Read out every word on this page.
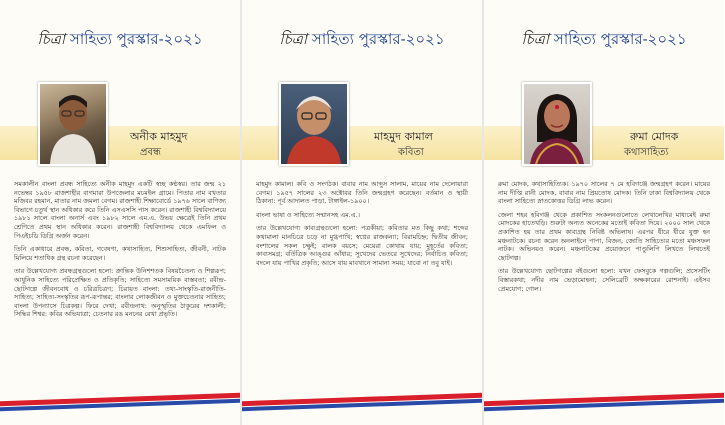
চিত্রা সাহিত্য পুরস্কার-২০২১
অনীক মাহমুদ
প্রবন্ধ

সমকালীন বাংলা প্রবন্ধ সাহিত্যে অনীক মাহমুদ একটি স্বচ্ছ কণ্ঠস্বর। তার জন্ম ২১ নভেম্বর ১৯৫৮ রাজশাহীর বাগমারা উপজেলার মচমইল গ্রামে। পিতার নাম বখতার মজিবর রহমান, মাতার নাম জমলা বেগম। রাজশাহী শিক্ষাবোর্ডে ১৯৭৬ সালে বাণিজ্য বিভাগে চতুর্থ স্থান অধিকার করে তিনি এসএসসি পাস করেন। রাজশাহী বিশ্ববিদ্যালয়ে ১৯৮১ সালে বাংলা অনার্স এবং ১৯৮২ সালে এম.এ. উভয় ক্ষেত্রেই তিনি প্রথম শ্রেণিতে প্রথম স্থান অধিকার করেন। রাজশাহী বিশ্ববিদ্যালয় থেকে এমফিল ও পিএইচডি ডিগ্রি অর্জন করেন।

তিনি একাধারে প্রবন্ধ, কবিতা, গবেষণা, কথাসাহিত্য, শিশুসাহিত্য, জীবনী, নাটক মিলিয়ে শতাধিক গ্রন্থ রচনা করেছেন।

তার উল্লেখযোগ্য প্রবন্ধগ্রন্থগুলো হলো: ক্রান্তিক উনিশশতক বিষয়চৈতন্য ও শিল্পরূপ; আধুনিক সাহিত্যে পরিপ্রেক্ষিত ও প্রতিকৃতি; সাহিত্যে সমসাময়িক বাস্তবতা; রবীন্দ্র-ছোটগল্পে জীবনবোধ ও চরিত্রচিত্রণ; চিরায়ত বাংলা: তথ্য-সাংস্কৃতি-রাজনীতি-সাহিত্য; সাহিত্য-সংস্কৃতির রূপ-রূপান্তর; বাংলার লোকজীবন ও মুক্তচেতনার সাহিত্য; বাংলা উপন্যাসে চিত্রকল্প। ফিরে দেখা; রবীন্দ্রনাথ: অনুস্মৃতির ঠাকুরের দশকালী; সিদ্ধির শিশ্বর: কবির অভিযাত্রা; চেতনার রঙ মননের রেখা প্রভৃতি।

চিত্রা সাহিত্য পুরস্কার-২০২১
মাহমুদ কামাল
কবিতা

মাহমুদ কামাল। কবি ও সংগঠক। বাবার নাম আব্দুস সালাম, মায়ের নাম দেলোয়ারা বেগম। ১৯৫৭ সালের ২৩ অক্টোবর তিনি জন্মগ্রহণ করেছেন। বর্তমান ও স্থায়ী ঠিকানা: পূর্ব আদালত পাড়া, টাঙ্গাইল-১৯০০।

বাংলা ভাষা ও সাহিত্যে সম্মানসহ এম.এ.।

তার উল্লেখযোগ্য কাব্যগ্রন্থগুলো হলো: পত্রকীয়া; কবিতার মত কিছু কথা; শব্দের কথামালা মানচিত্রে চড়ে না মুগ্ধপাখি; স্বপ্নের রাজকন্যা; বিরামচিহ্ন; দ্বিতীয় জীবন; বংশালের সকল চক্ষুই; বালক বয়সে; মেয়েরা কোথায় যায়; মুহূর্তের কবিতা; কাব্যসমগ্র; বর্তিত্রিক আঙ্গুর আঁধার; সুখেদের ভেতরে সুখেদের; নির্বাচিত কবিতা; বদলে যায় পাখির প্রকৃতি; আসে যায় মাবখানে সামান্য সময়; যাবো না তবু যাই।

চিত্রা সাহিত্য পুরস্কার-২০২১
রুমা মোদক
কথাসাহিত্য

রুমা মোদক, কথাসাহিত্যিক। ১৯৭০ সালের ৭ মে হবিগঞ্জে জন্মগ্রহণ করেন। মায়ের নাম দীপ্তি রানী মোদক, বাবার নাম প্রিয়তোষ মোদক। তিনি ঢাকা বিশ্ববিদ্যালয় থেকে বাংলা সাহিত্যে স্নাতকোত্তর ডিগ্রি লাভ করেন।

জেলা শহর হবিগঞ্জ থেকে প্রকাশিত সংকলনগুলোতে লেখালেখির মাধ্যমেই রুমা মোদকের হাতেখড়ি। শুরুটা অন্যত অনেকের মতোই কবিতা দিয়ে। ২০০০ সাল থেকে প্রকাশিত হয় তার প্রথম কাব্যগ্রন্থ নিবিষ্ট অভিলাষ। এরপর ধীরে ধীরে যুক্ত হন মঞ্চনাটকে। রচনা করেন অনলাইনে পাপা, বিজন, জোতি সাহিত্যের মতো মঞ্চসফল নাটক। অভিনয়ও করেন। মঞ্চনাটকের প্রয়োজনে পাণ্ডুলিপি লিখতে লিখতেই ছোটগল্প।

তার উল্লেখযোগ্য ছোটগল্পের বইগুলো হলো: যখন ফেসবুকে গল্পগুলি; প্রসেসটিং বিস্তারকথা; নদীর নাম ভেড়ামোহনা; সেলিব্রেটি অক্ষকারের রোশনাই। এইসব প্রেমযোগ; গোল।
